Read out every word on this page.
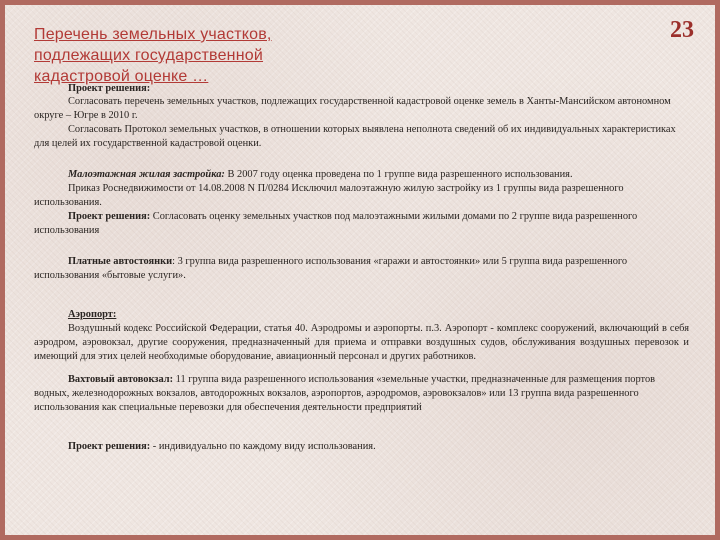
Перечень земельных участков,
подлежащих государственной
кадастровой оценке …
23
Проект решения:

Согласовать перечень земельных участков, подлежащих государственной кадастровой оценке земель в Ханты-Мансийском автономном округе – Югре в 2010 г.

Согласовать Протокол земельных участков, в отношении которых выявлена неполнота сведений об их индивидуальных характеристиках для целей их государственной кадастровой оценки.

Малоэтажная жилая застройка: В 2007 году оценка проведена по 1 группе вида разрешенного использования.

Приказ Роснедвижимости от 14.08.2008 N П/0284 Исключил малоэтажную жилую застройку из 1 группы вида разрешенного использования.

Проект решения: Согласовать оценку земельных участков под малоэтажными жилыми домами по 2 группе вида разрешенного использования

Платные автостоянки: 3 группа вида разрешенного использования «гаражи и автостоянки» или 5 группа вида разрешенного использования «бытовые услуги».

Аэропорт:

Воздушный кодекс Российской Федерации, статья 40. Аэродромы и аэропорты. п.3. Аэропорт - комплекс сооружений, включающий в себя аэродром, аэровокзал, другие сооружения, предназначенный для приема и отправки воздушных судов, обслуживания воздушных перевозок и имеющий для этих целей необходимые оборудование, авиационный персонал и других работников.

Вахтовый автовокзал: 11 группа вида разрешенного использования «земельные участки, предназначенные для размещения портов водных, железнодорожных вокзалов, автодорожных вокзалов, аэропортов, аэродромов, аэровокзалов» или 13 группа вида разрешенного использования как специальные перевозки для обеспечения деятельности предприятий

Проект решения: - индивидуально по каждому виду использования.
